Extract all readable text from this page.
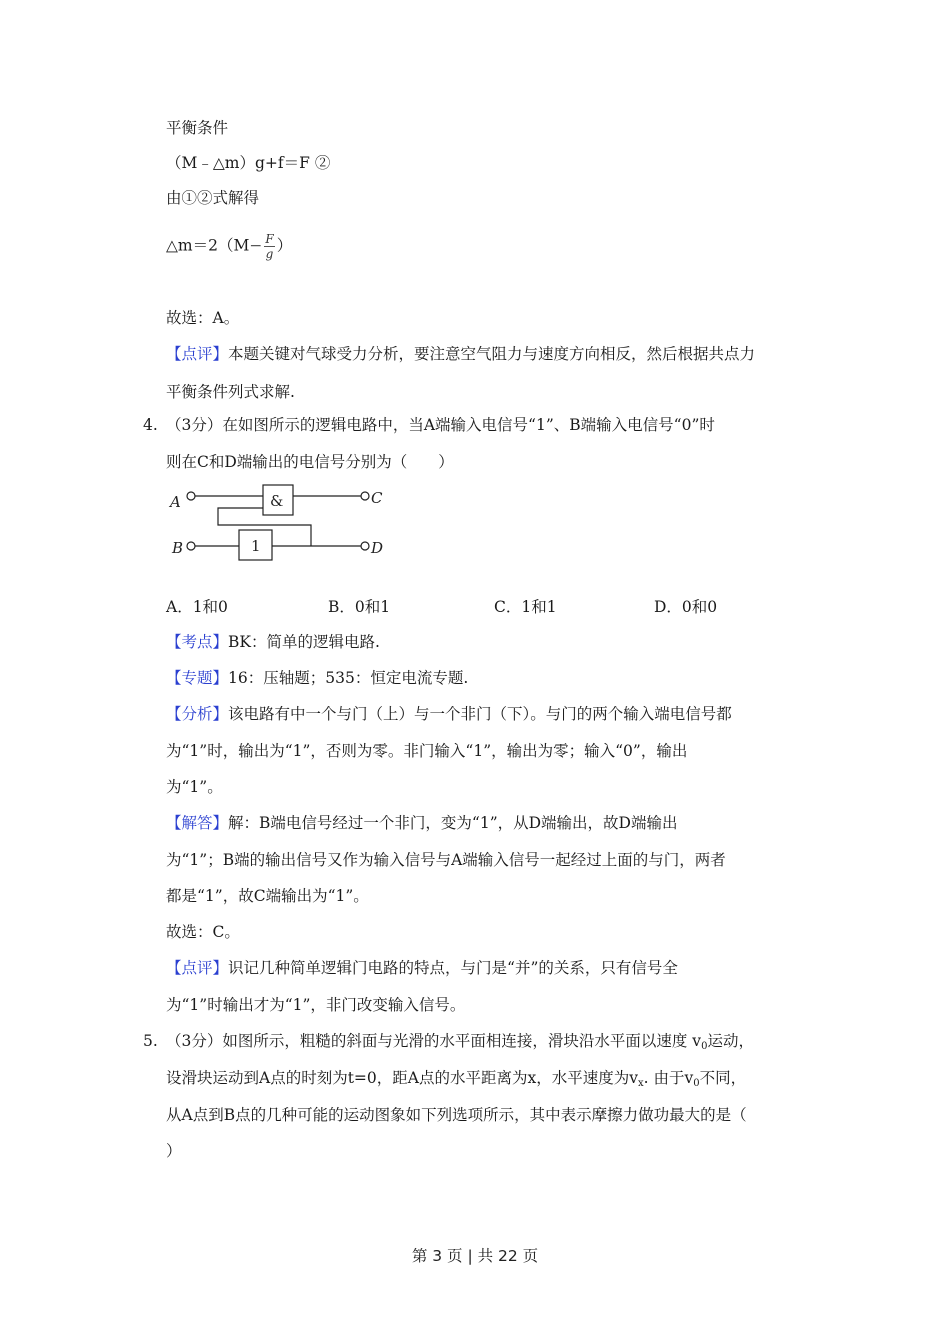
平衡条件
（M﹣△m）g+f＝F ②
由①②式解得
△m＝2（M− $\frac{F}{g}$ ）
故选：A。
【点评】本题关键对气球受力分析，要注意空气阻力与速度方向相反，然后根据共点力
平衡条件列式求解.
4. （3分）在如图所示的逻辑电路中，当A端输入电信号“1”、B端输入电信号“0”时
则在C和D端输出的电信号分别为（　　）
A
B
C
D
&
1
A．1和0	B．0和1	C．1和1	D．0和0
【考点】BK：简单的逻辑电路.
【专题】16：压轴题；535：恒定电流专题.
【分析】该电路有中一个与门（上）与一个非门（下）。与门的两个输入端电信号都
为“1”时，输出为“1”，否则为零。非门输入“1”，输出为零；输入“0”，输出
为“1”。
【解答】解：B端电信号经过一个非门，变为“1”，从D端输出，故D端输出
为“1”；B端的输出信号又作为输入信号与A端输入信号一起经过上面的与门，两者
都是“1”，故C端输出为“1”。
故选：C。
【点评】识记几种简单逻辑门电路的特点，与门是“并”的关系，只有信号全
为“1”时输出才为“1”，非门改变输入信号。
5. （3分）如图所示，粗糙的斜面与光滑的水平面相连接，滑块沿水平面以速度 $v_0$运动，
设滑块运动到A点的时刻为t=0，距A点的水平距离为x，水平速度为$v_x$. 由于$v_0$不同，
从A点到B点的几种可能的运动图象如下列选项所示，其中表示摩擦力做功最大的是（
）
第 3 页 | 共 22 页
